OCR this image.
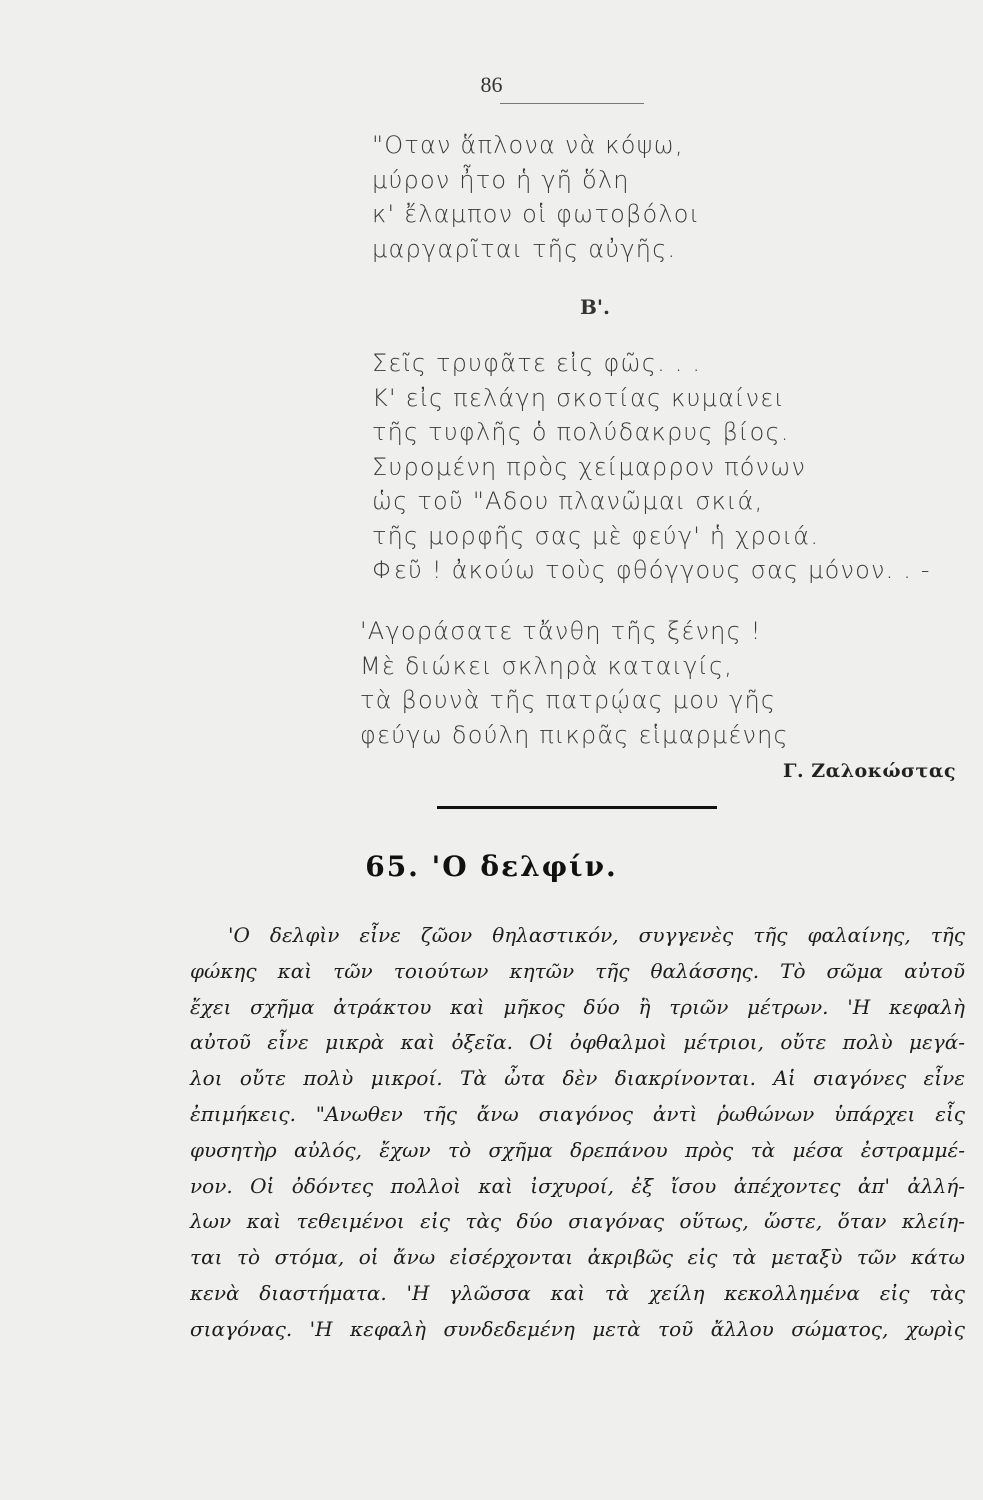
86
"Οταν ἅπλονα νὰ κόψω,
μύρον ἦτο ἡ γῆ ὅλη
κ' ἔλαμπον οἱ φωτοβόλοι
μαργαρῖται τῆς αὐγῆς.
Β'.
Σεῖς τρυφᾶτε εἰς φῶς. . .
Κ' εἰς πελάγη σκοτίας κυμαίνει
τῆς τυφλῆς ὁ πολύδακρυς βίος.
Συρομένη πρὸς χείμαρρον πόνων
ὡς τοῦ "Αδου πλανῶμαι σκιά,
τῆς μορφῆς σας μὲ φεύγ' ἡ χροιά.
Φεῦ ! ἀκούω τοὺς φθόγγους σας μόνον. . -
'Αγοράσατε τἄνθη τῆς ξένης !
Μὲ διώκει σκληρὰ καταιγίς,
τὰ βουνὰ τῆς πατρῴας μου γῆς
φεύγω δούλη πικρᾶς εἱμαρμένης
Γ. Ζαλοκώστας
65. 'Ο δελφίν.
'Ο δελφὶν εἶνε ζῶον θηλαστικόν, συγγενὲς τῆς φαλαίνης, τῆς
φώκης καὶ τῶν τοιούτων κητῶν τῆς θαλάσσης. Τὸ σῶμα αὐτοῦ
ἔχει σχῆμα ἀτράκτου καὶ μῆκος δύο ἢ τριῶν μέτρων. 'Η κεφαλὴ
αὐτοῦ εἶνε μικρὰ καὶ ὀξεῖα. Οἱ ὀφθαλμοὶ μέτριοι, οὔτε πολὺ μεγά-
λοι οὔτε πολὺ μικροί. Τὰ ὦτα δὲν διακρίνονται. Αἱ σιαγόνες εἶνε
ἐπιμήκεις. "Ανωθεν τῆς ἄνω σιαγόνος ἀντὶ ῥωθώνων ὑπάρχει εἷς
φυσητὴρ αὐλός, ἔχων τὸ σχῆμα δρεπάνου πρὸς τὰ μέσα ἐστραμμέ-
νον. Οἱ ὀδόντες πολλοὶ καὶ ἰσχυροί, ἐξ ἴσου ἀπέχοντες ἀπ' ἀλλή-
λων καὶ τεθειμένοι εἰς τὰς δύο σιαγόνας οὕτως, ὥστε, ὅταν κλείη-
ται τὸ στόμα, οἱ ἄνω εἰσέρχονται ἀκριβῶς εἰς τὰ μεταξὺ τῶν κάτω
κενὰ διαστήματα. 'Η γλῶσσα καὶ τὰ χείλη κεκολλημένα εἰς τὰς
σιαγόνας. 'Η κεφαλὴ συνδεδεμένη μετὰ τοῦ ἄλλου σώματος, χωρὶς
